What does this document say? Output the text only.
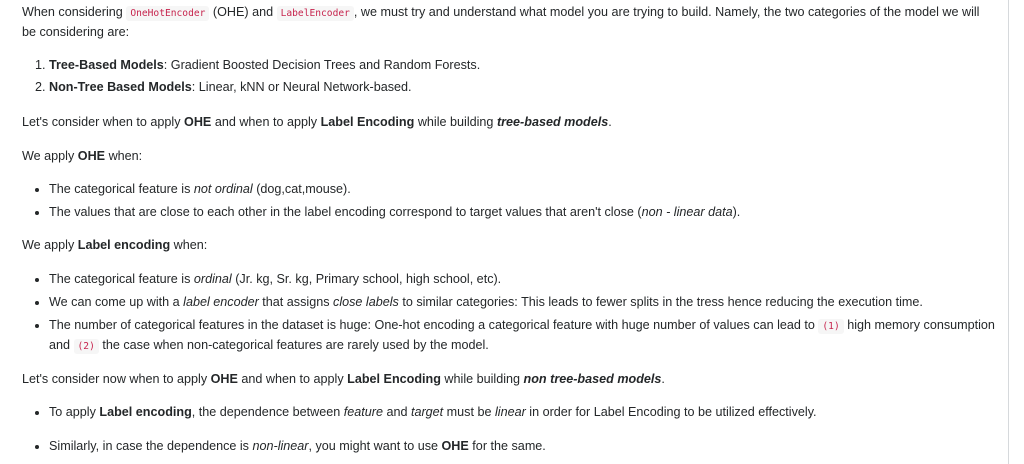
When considering OneHotEncoder (OHE) and LabelEncoder , we must try and understand what model you are trying to build. Namely, the two categories of the model we will be considering are:

1. Tree-Based Models: Gradient Boosted Decision Trees and Random Forests.
2. Non-Tree Based Models: Linear, kNN or Neural Network-based.

Let's consider when to apply OHE and when to apply Label Encoding while building tree-based models.

We apply OHE when:

• The categorical feature is not ordinal (dog,cat,mouse).
• The values that are close to each other in the label encoding correspond to target values that aren't close (non - linear data).

We apply Label encoding when:

• The categorical feature is ordinal (Jr. kg, Sr. kg, Primary school, high school, etc).
• We can come up with a label encoder that assigns close labels to similar categories: This leads to fewer splits in the tress hence reducing the execution time.
• The number of categorical features in the dataset is huge: One-hot encoding a categorical feature with huge number of values can lead to (1) high memory consumption and (2) the case when non-categorical features are rarely used by the model.

Let's consider now when to apply OHE and when to apply Label Encoding while building non tree-based models.

• To apply Label encoding, the dependence between feature and target must be linear in order for Label Encoding to be utilized effectively.
• Similarly, in case the dependence is non-linear, you might want to use OHE for the same.
